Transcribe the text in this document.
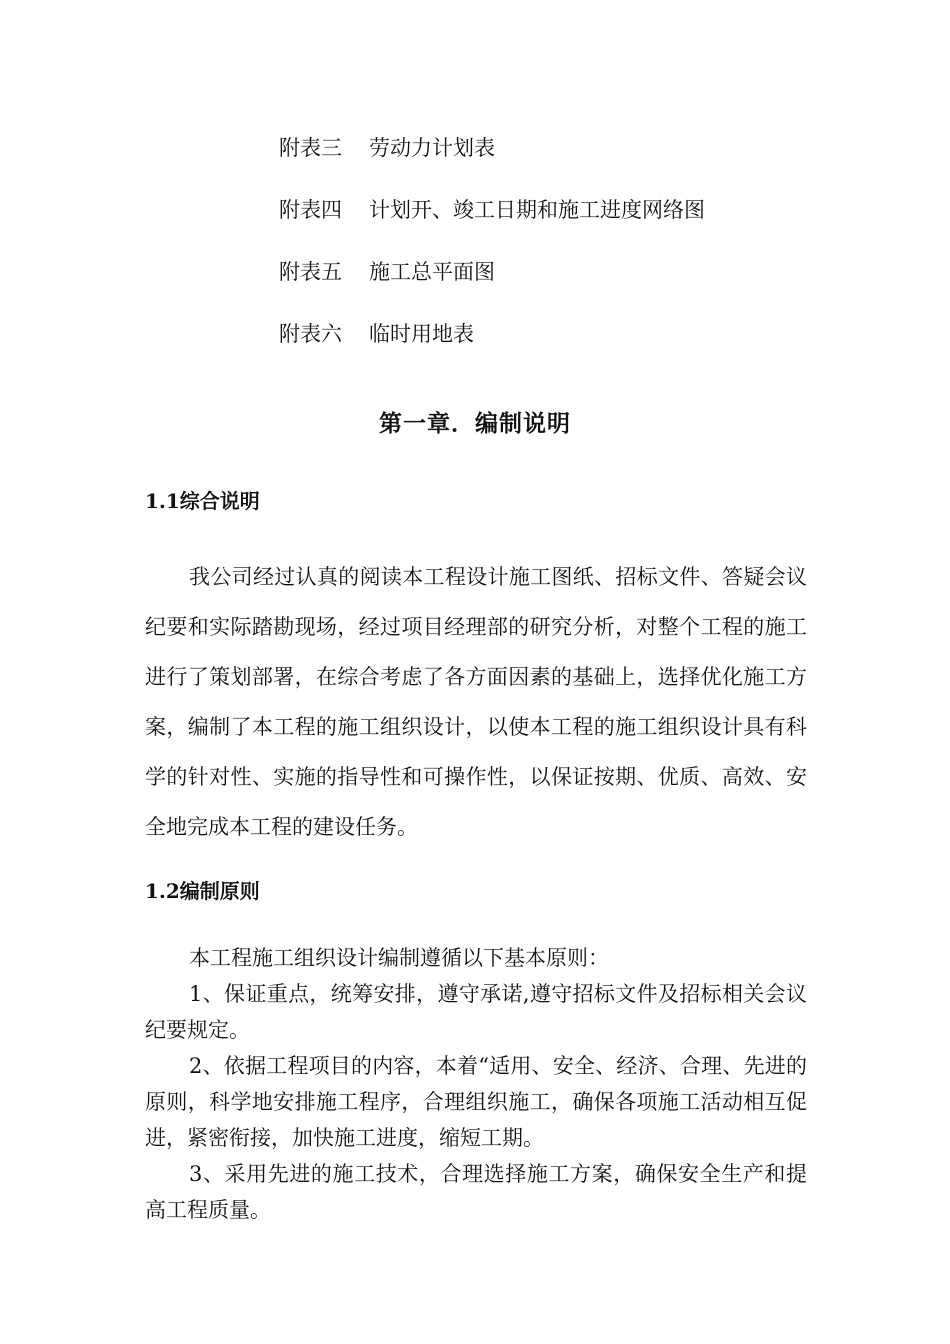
附表三 劳动力计划表
附表四 计划开、竣工日期和施工进度网络图
附表五 施工总平面图
附表六 临时用地表
第一章．编制说明
1.1综合说明

我公司经过认真的阅读本工程设计施工图纸、招标文件、答疑会议纪要和实际踏勘现场，经过项目经理部的研究分析，对整个工程的施工进行了策划部署，在综合考虑了各方面因素的基础上，选择优化施工方案，编制了本工程的施工组织设计，以使本工程的施工组织设计具有科学的针对性、实施的指导性和可操作性，以保证按期、优质、高效、安全地完成本工程的建设任务。

1.2编制原则

本工程施工组织设计编制遵循以下基本原则：

1、保证重点，统筹安排，遵守承诺,遵守招标文件及招标相关会议纪要规定。

2、依据工程项目的内容，本着“适用、安全、经济、合理、先进的原则，科学地安排施工程序，合理组织施工，确保各项施工活动相互促进，紧密衔接，加快施工进度，缩短工期。

3、采用先进的施工技术，合理选择施工方案，确保安全生产和提高工程质量。
